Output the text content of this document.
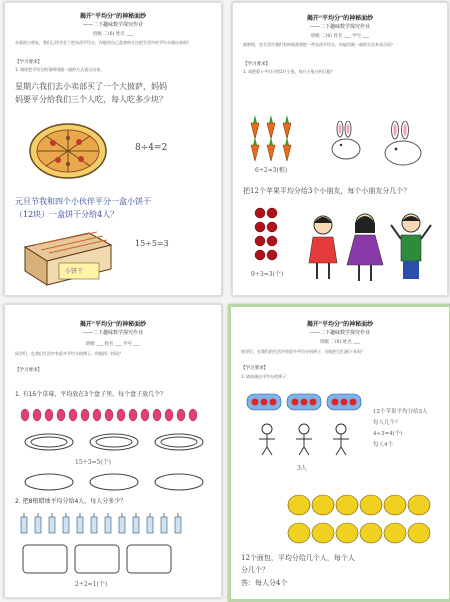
揭开"平均分"的神秘面纱
——二下趣味数学探究作业
班级 二(6) 姓名 ___
亲爱的小朋友，我们已经学会了把东西平均分，你能用自己喜欢的方法把生活中的平均分画出来吗？
【学习要求】
1. 请你把平均分的事例用画一画的方式表示出来。
星期六我们去小卖部买了一个大披萨，妈妈
妈要平分给我们三个人吃，每人吃多少块？
8÷4=2
元旦节我和四个小伙伴平分一盒小饼干
（12块）一盒饼干分给4人？
小饼干
15÷5=3
揭开"平均分"的神秘面纱
——二下趣味数学探究作业
班级 二(6) 姓名 ___ 学号 ___
观察图，在生活中我们有时候需要把一些东西平均分，你能用画一画的方法来表示吗？
【学习要求】
1. 请把萝卜平均分给2只小兔，每只小兔分到几根？
6÷2=3(根)
把12个苹果平均分给3个小朋友，每个小朋友分几个？
9÷3=3(个)
揭开"平均分"的神秘面纱
——二下趣味数学探究作业
班级 ___ 姓名 ___ 学号 ___
同学们，在我们生活中有很多平均分的例子，你能找一找吗？
【学习要求】
1. 有15个草莓，平均放在3个盘子里，每个盘子放几个？
15÷3=5(个)
2. 把8根蜡烛平均分给4人，每人分多少？
2÷2=1(个)
揭开"平均分"的神秘面纱
——二下趣味数学探究作业
班级 二(6) 姓名 ___
同学们，在我们的生活中有很多平均分的例子，你能把它们画下来吗？
【学习要求】
1. 请你画出平均分的例子：
3人
12个苹果平均分给3人
每人几个？
4÷3=4(个)
每人4个
12个面包，平均分给几个人，每个人
分几个？
答：每人分4个
